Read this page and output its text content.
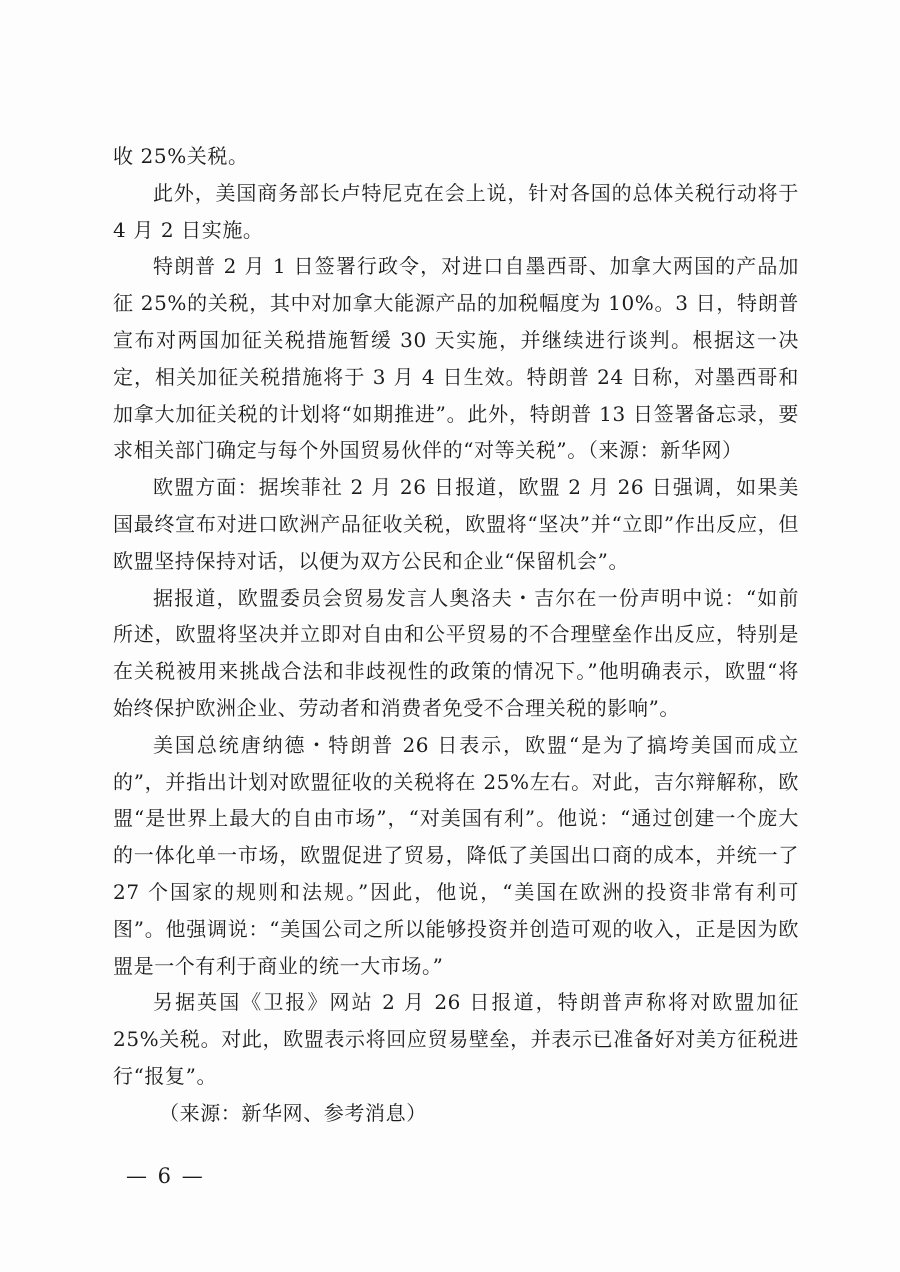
收 25%关税。

此外，美国商务部长卢特尼克在会上说，针对各国的总体关税行动将于 4 月 2 日实施。

特朗普 2 月 1 日签署行政令，对进口自墨西哥、加拿大两国的产品加征 25%的关税，其中对加拿大能源产品的加税幅度为 10%。3 日，特朗普宣布对两国加征关税措施暂缓 30 天实施，并继续进行谈判。根据这一决定，相关加征关税措施将于 3 月 4 日生效。特朗普 24 日称，对墨西哥和加拿大加征关税的计划将“如期推进”。此外，特朗普 13 日签署备忘录，要求相关部门确定与每个外国贸易伙伴的“对等关税”。（来源：新华网）

欧盟方面：据埃菲社 2 月 26 日报道，欧盟 2 月 26 日强调，如果美国最终宣布对进口欧洲产品征收关税，欧盟将“坚决”并“立即”作出反应，但欧盟坚持保持对话，以便为双方公民和企业“保留机会”。

据报道，欧盟委员会贸易发言人奥洛夫・吉尔在一份声明中说：“如前所述，欧盟将坚决并立即对自由和公平贸易的不合理壁垒作出反应，特别是在关税被用来挑战合法和非歧视性的政策的情况下。”他明确表示，欧盟“将始终保护欧洲企业、劳动者和消费者免受不合理关税的影响”。

美国总统唐纳德・特朗普 26 日表示，欧盟“是为了搞垮美国而成立的”，并指出计划对欧盟征收的关税将在 25%左右。对此，吉尔辩解称，欧盟“是世界上最大的自由市场”，“对美国有利”。他说：“通过创建一个庞大的一体化单一市场，欧盟促进了贸易，降低了美国出口商的成本，并统一了 27 个国家的规则和法规。”因此，他说，“美国在欧洲的投资非常有利可图”。他强调说：“美国公司之所以能够投资并创造可观的收入，正是因为欧盟是一个有利于商业的统一大市场。”

另据英国《卫报》网站 2 月 26 日报道，特朗普声称将对欧盟加征 25%关税。对此，欧盟表示将回应贸易壁垒，并表示已准备好对美方征税进行“报复”。

（来源：新华网、参考消息）

— 6 —
